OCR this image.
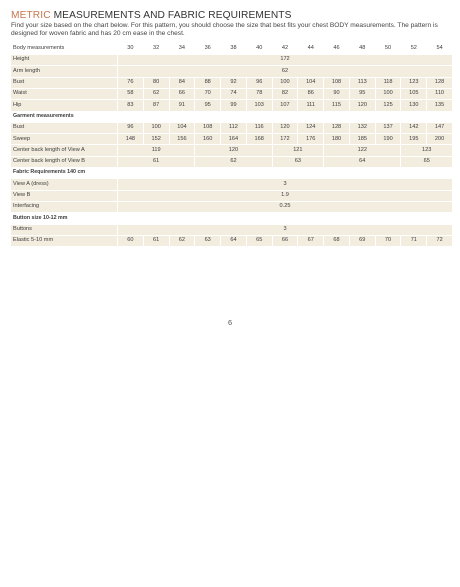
METRIC MEASUREMENTS AND FABRIC REQUIREMENTS
Find your size based on the chart below. For this pattern, you should choose the size that best fits your chest BODY measurements. The pattern is designed for woven fabric and has 20 cm ease in the chest.
Body measurements	30	32	34	36	38	40	42	44	46	48	50	52	54
Height	172												
Arm length	62												
Bust	76	80	84	88	92	96	100	104	108	113	118	123	128
Waist	58	62	66	70	74	78	82	86	90	95	100	105	110
Hip	83	87	91	95	99	103	107	111	115	120	125	130	135
Garment measurements													
Bust	96	100	104	108	112	116	120	124	128	132	137	142	147
Sweep	148	152	156	160	164	168	172	176	180	185	190	195	200
Center back length of View A	119			120			121		122			123	
Center back length of View B	61			62			63		64			65	
Fabric Requirements 140 cm													
View A (dress)	3												
View B	1.9												
Interfacing	0.25												
Button size 10-12 mm													
Buttons	3												
Elastic 5-10 mm	60	61	62	63	64	65	66	67	68	69	70	71	72
6
